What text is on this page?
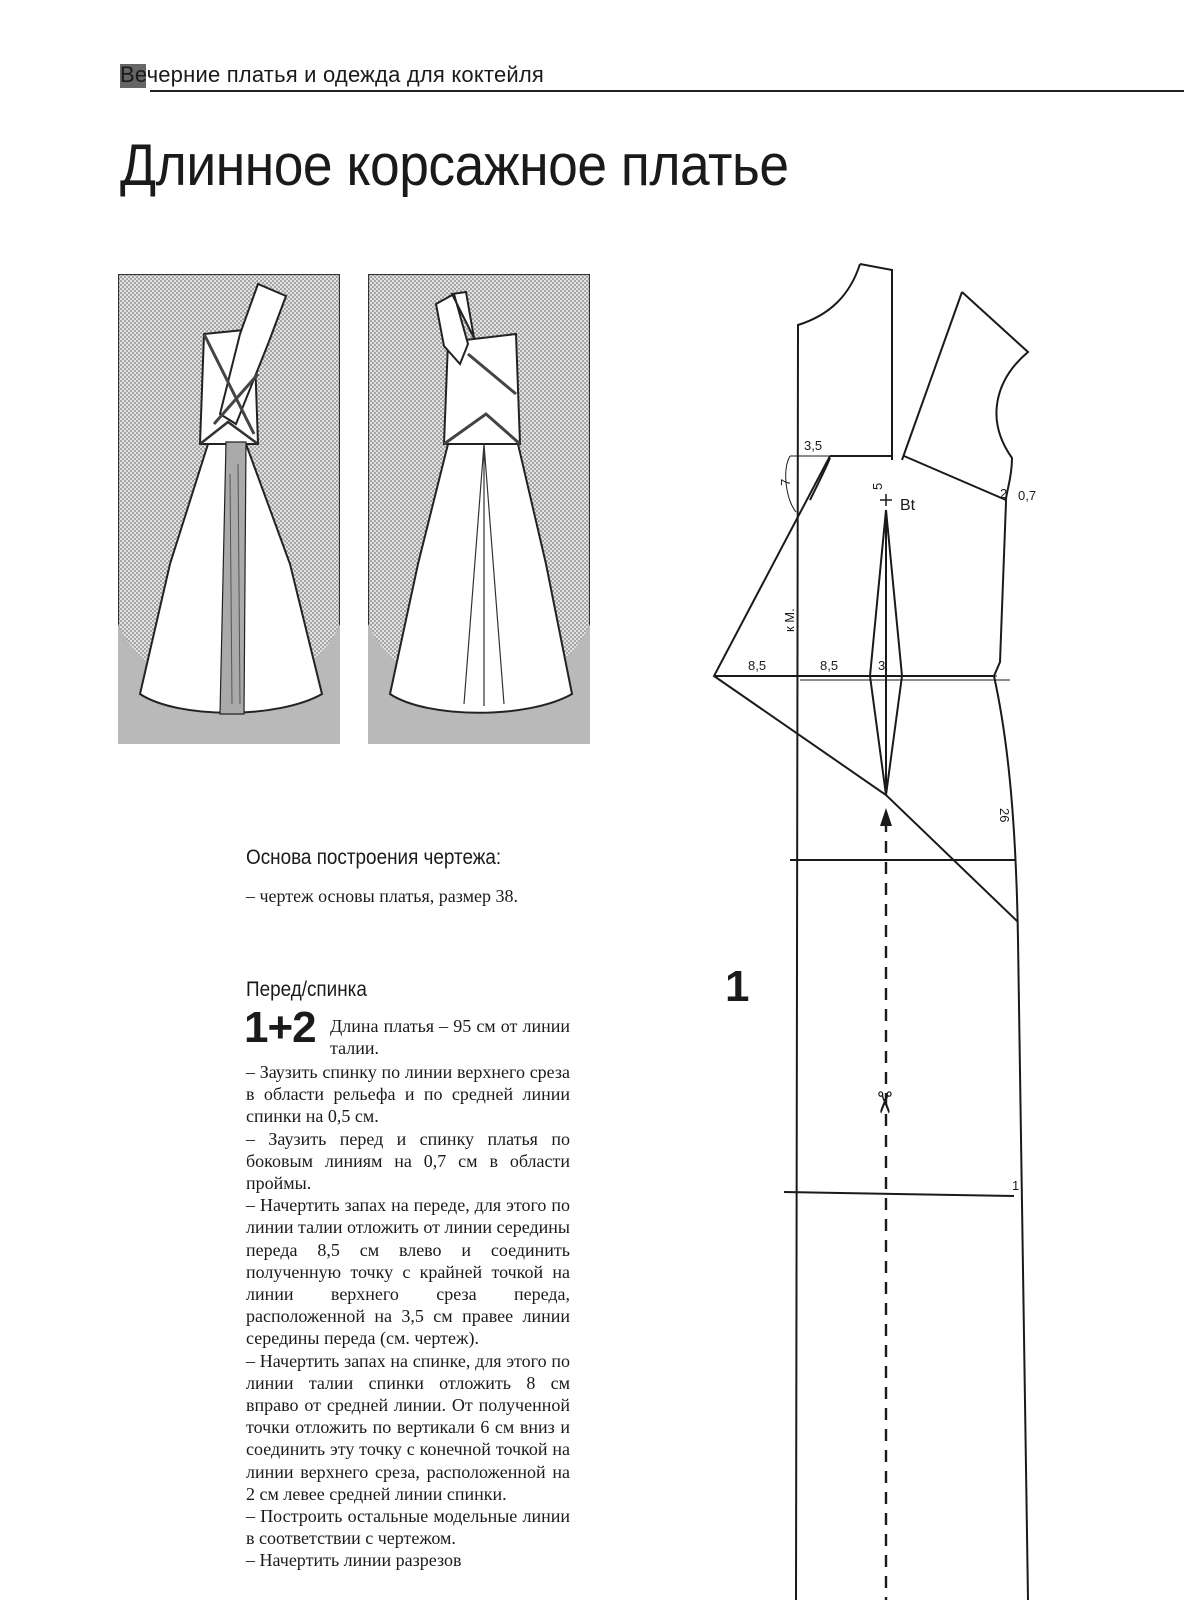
Вечерние платья и одежда для коктейля
Длинное корсажное платье
Основа построения чертежа:
– чертеж основы платья, размер 38.
Перед/спинка
1+2 Длина платья – 95 см от линии талии.

– Заузить спинку по линии верхнего среза в области рельефа и по средней линии спинки на 0,5 см.

– Заузить перед и спинку платья по боковым линиям на 0,7 см в области проймы.

– Начертить запах на переде, для этого по линии талии отложить от линии середины переда 8,5 см влево и соединить полученную точку с крайней точкой на линии верхнего среза переда, расположенной на 3,5 см правее линии середины переда (см. чертеж).

– Начертить запах на спинке, для этого по линии талии спинки отложить 8 см вправо от средней линии. От полученной точки отложить по вертикали 6 см вниз и соединить эту точку с конечной точкой на линии верхнего среза, расположенной на 2 см левее средней линии спинки.

– Построить остальные модельные линии в соответствии с чертежом.

– Начертить линии разрезов

1
3,5
7
5
Bt
2 0,7
к М.
8,5	8,5	3
26
1
✂
